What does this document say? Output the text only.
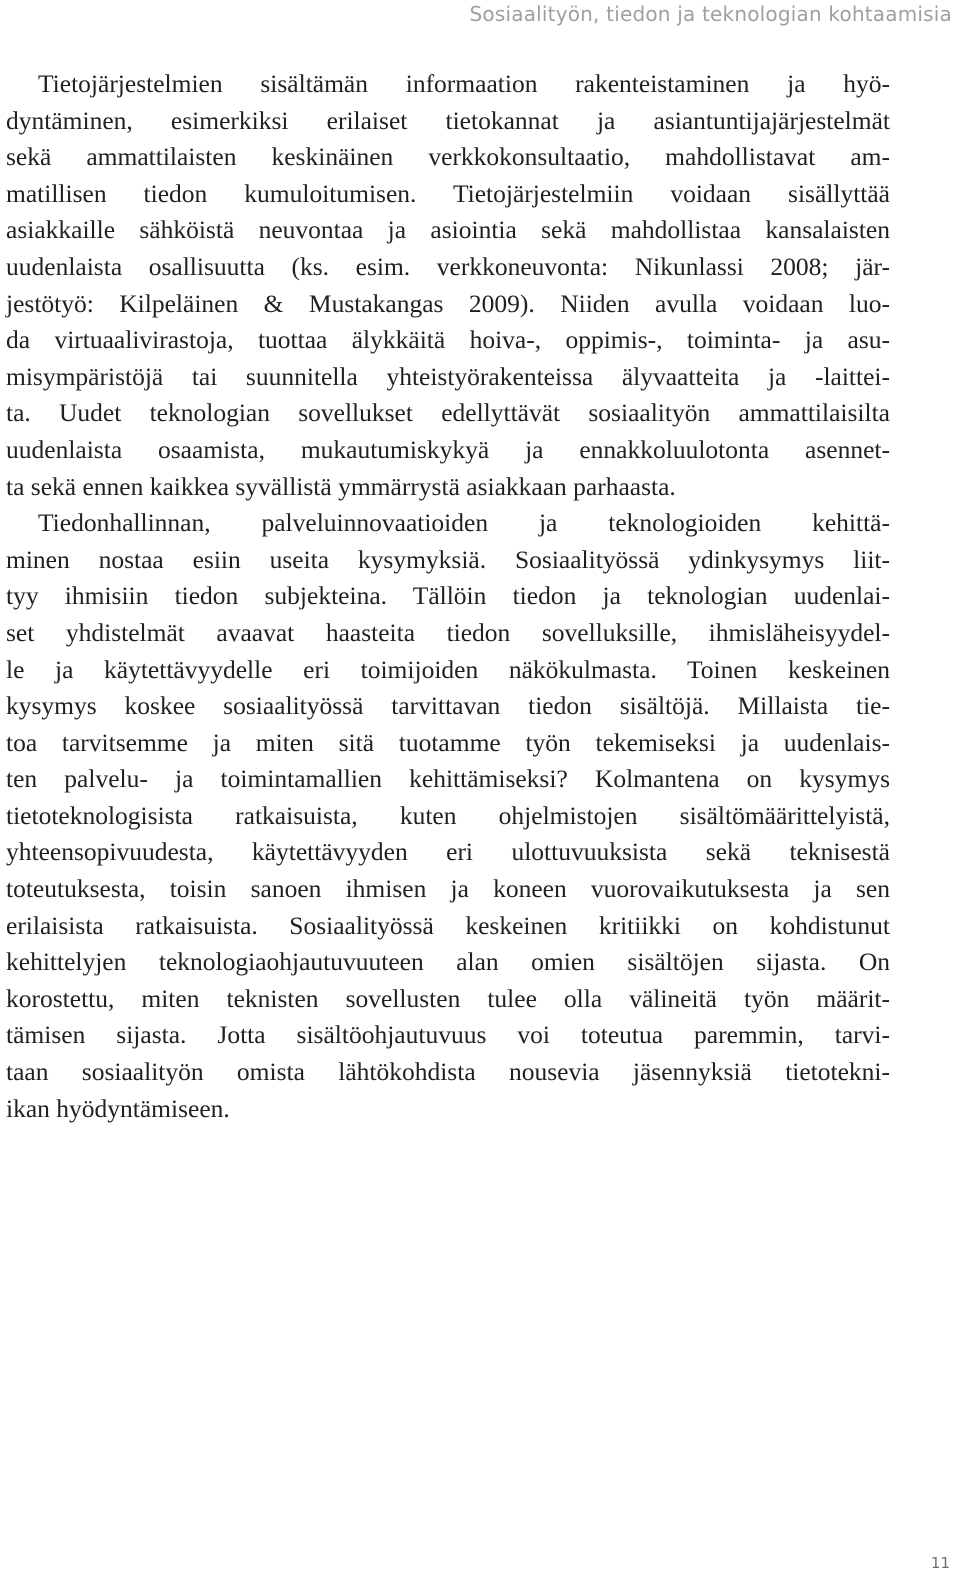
Sosiaalityön, tiedon ja teknologian kohtaamisia
Tietojärjestelmien sisältämän informaation rakenteistaminen ja hyö-
dyntäminen, esimerkiksi erilaiset tietokannat ja asiantuntijajärjestelmät
sekä ammattilaisten keskinäinen verkkokonsultaatio, mahdollistavat am-
matillisen tiedon kumuloitumisen. Tietojärjestelmiin voidaan sisällyttää
asiakkaille sähköistä neuvontaa ja asiointia sekä mahdollistaa kansalaisten
uudenlaista osallisuutta (ks. esim. verkkoneuvonta: Nikunlassi 2008; jär-
jestötyö: Kilpeläinen & Mustakangas 2009). Niiden avulla voidaan luo-
da virtuaalivirastoja, tuottaa älykkäitä hoiva-, oppimis-, toiminta- ja asu-
misympäristöjä tai suunnitella yhteistyörakenteissa älyvaatteita ja -laittei-
ta. Uudet teknologian sovellukset edellyttävät sosiaalityön ammattilaisilta
uudenlaista osaamista, mukautumiskykyä ja ennakkoluulotonta asennet-
ta sekä ennen kaikkea syvällistä ymmärrystä asiakkaan parhaasta.
Tiedonhallinnan, palveluinnovaatioiden ja teknologioiden kehittä-
minen nostaa esiin useita kysymyksiä. Sosiaalityössä ydinkysymys liit-
tyy ihmisiin tiedon subjekteina. Tällöin tiedon ja teknologian uudenlai-
set yhdistelmät avaavat haasteita tiedon sovelluksille, ihmisläheisyydel-
le ja käytettävyydelle eri toimijoiden näkökulmasta. Toinen keskeinen
kysymys koskee sosiaalityössä tarvittavan tiedon sisältöjä. Millaista tie-
toa tarvitsemme ja miten sitä tuotamme työn tekemiseksi ja uudenlais-
ten palvelu- ja toimintamallien kehittämiseksi? Kolmantena on kysymys
tietoteknologisista ratkaisuista, kuten ohjelmistojen sisältömäärittelyistä,
yhteensopivuudesta, käytettävyyden eri ulottuvuuksista sekä teknisestä
toteutuksesta, toisin sanoen ihmisen ja koneen vuorovaikutuksesta ja sen
erilaisista ratkaisuista. Sosiaalityössä keskeinen kritiikki on kohdistunut
kehittelyjen teknologiaohjautuvuuteen alan omien sisältöjen sijasta. On
korostettu, miten teknisten sovellusten tulee olla välineitä työn määrit-
tämisen sijasta. Jotta sisältöohjautuvuus voi toteutua paremmin, tarvi-
taan sosiaalityön omista lähtökohdista nousevia jäsennyksiä tietotekni-
ikan hyödyntämiseen.
11
